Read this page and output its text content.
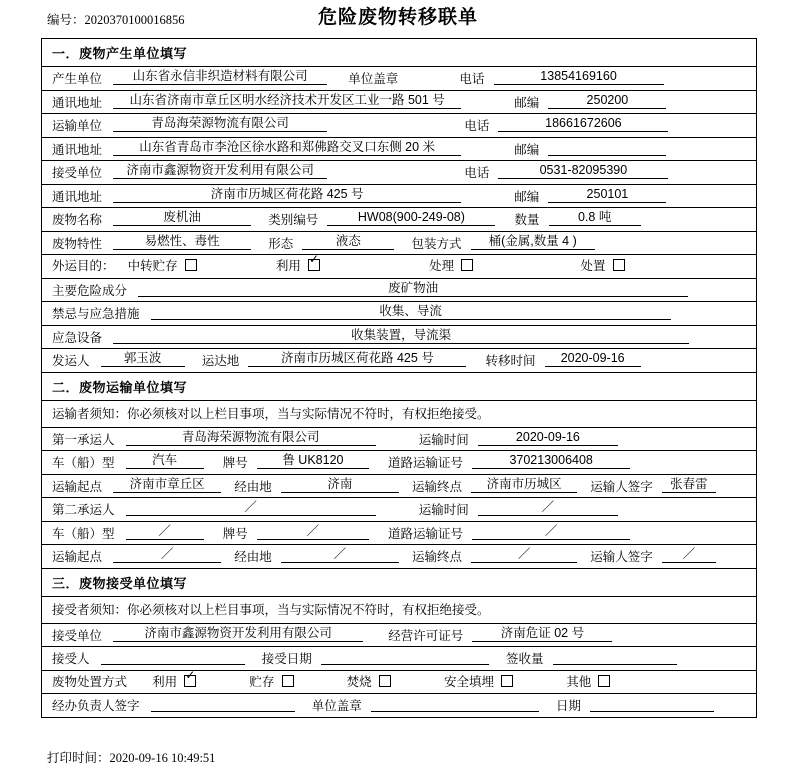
编号：2020370100016856	危险废物转移联单
一．废物产生单位填写
产生单位 山东省永信非织造材料有限公司	单位盖章	电话	13854169160
通讯地址 山东省济南市章丘区明水经济技术开发区工业一路 501 号	邮编	250200
运输单位	青岛海荣源物流有限公司	电话	18661672606
通讯地址	山东省青岛市李沧区徐水路和郑佛路交叉口东侧 20 米	邮编
接受单位 济南市鑫源物资开发利用有限公司	电话	0531-82095390
通讯地址	济南市历城区荷花路 425 号	邮编	250101
废物名称	废机油	类别编号	HW08(900-249-08)	数量	0.8 吨
废物特性	易燃性、毒性	形态	液态	包装方式 桶(金属,数量 4 )
外运目的： 中转贮存	利用 ✓	处理	处置
主要危险成分	废矿物油
禁忌与应急措施	收集、导流
应急设备	收集装置，导流渠
发运人	郭玉波	运达地	济南市历城区荷花路 425 号	转移时间 2020-09-16
二．废物运输单位填写
运输者须知：你必须核对以上栏目事项，当与实际情况不符时，有权拒绝接受。
第一承运人	青岛海荣源物流有限公司	运输时间	2020-09-16
车（船）型	汽车	牌号	鲁 UK8120	道路运输证号	370213006408
运输起点 济南市章丘区 经由地	济南	运输终点 济南市历城区 运输人签字 张春雷
第二承运人	／	运输时间	／
车（船）型	／	牌号	／	道路运输证号	／
运输起点	／	经由地	／	运输终点	／	运输人签字 ／
三．废物接受单位填写
接受者须知：你必须核对以上栏目事项，当与实际情况不符时，有权拒绝接受。
接受单位	济南市鑫源物资开发利用有限公司	经营许可证号	济南危证 02 号
接受人	接受日期	签收量
废物处置方式 利用 ✓	贮存	焚烧	安全填埋	其他
经办负责人签字	单位盖章	日期
打印时间：2020-09-16 10:49:51
